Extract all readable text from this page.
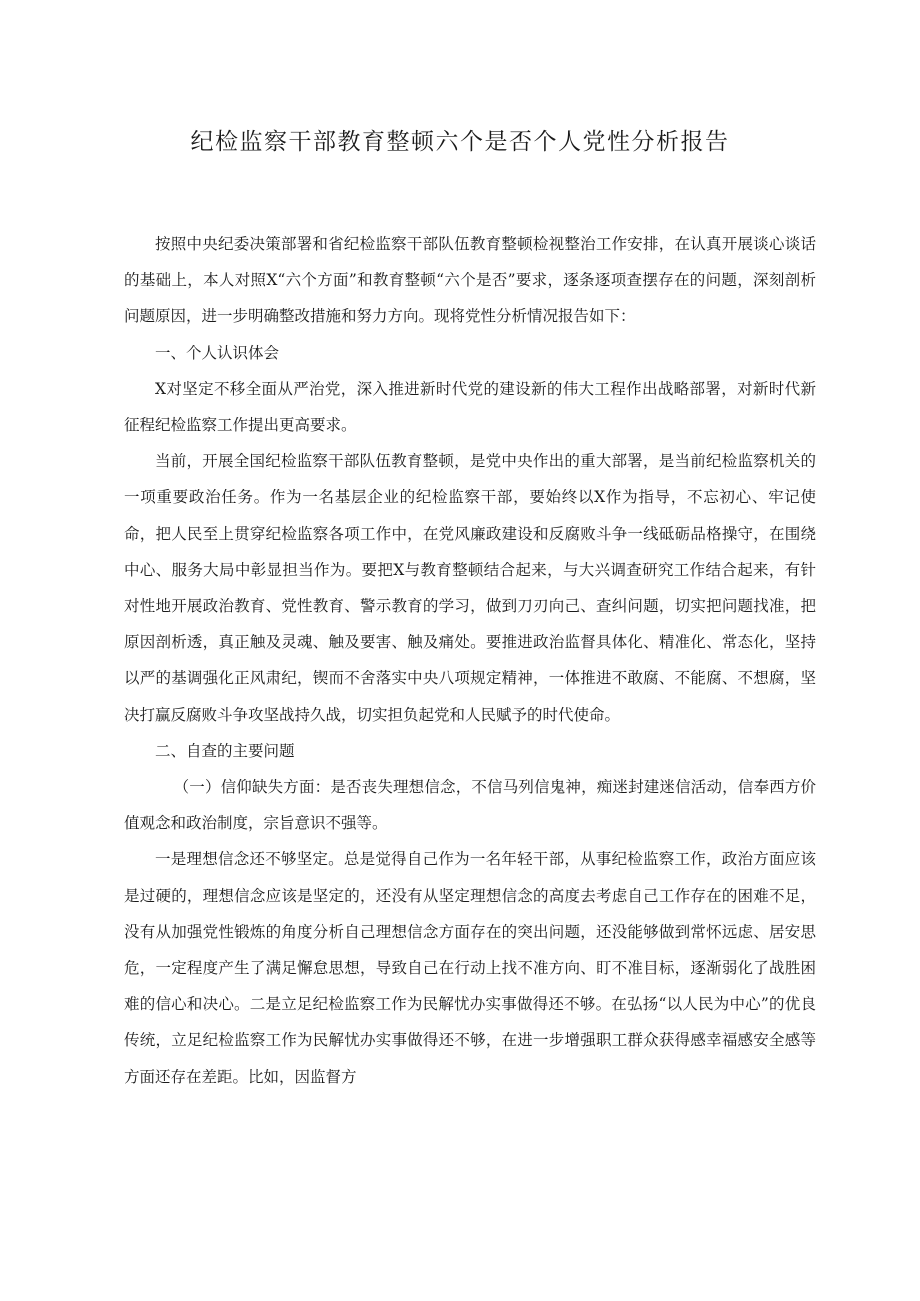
纪检监察干部教育整顿六个是否个人党性分析报告

按照中央纪委决策部署和省纪检监察干部队伍教育整顿检视整治工作安排，在认真开展谈心谈话的基础上，本人对照X“六个方面”和教育整顿“六个是否”要求，逐条逐项查摆存在的问题，深刻剖析问题原因，进一步明确整改措施和努力方向。现将党性分析情况报告如下：

一、个人认识体会

X对坚定不移全面从严治党，深入推进新时代党的建设新的伟大工程作出战略部署，对新时代新征程纪检监察工作提出更高要求。

当前，开展全国纪检监察干部队伍教育整顿，是党中央作出的重大部署，是当前纪检监察机关的一项重要政治任务。作为一名基层企业的纪检监察干部，要始终以X作为指导，不忘初心、牢记使命，把人民至上贯穿纪检监察各项工作中，在党风廉政建设和反腐败斗争一线砥砺品格操守，在围绕中心、服务大局中彰显担当作为。要把X与教育整顿结合起来，与大兴调查研究工作结合起来，有针对性地开展政治教育、党性教育、警示教育的学习，做到刀刃向己、查纠问题，切实把问题找准，把原因剖析透，真正触及灵魂、触及要害、触及痛处。要推进政治监督具体化、精准化、常态化，坚持以严的基调强化正风肃纪，锲而不舍落实中央八项规定精神，一体推进不敢腐、不能腐、不想腐，坚决打赢反腐败斗争攻坚战持久战，切实担负起党和人民赋予的时代使命。

二、自查的主要问题

（一）信仰缺失方面：是否丧失理想信念，不信马列信鬼神，痴迷封建迷信活动，信奉西方价值观念和政治制度，宗旨意识不强等。

一是理想信念还不够坚定。总是觉得自己作为一名年轻干部，从事纪检监察工作，政治方面应该是过硬的，理想信念应该是坚定的，还没有从坚定理想信念的高度去考虑自己工作存在的困难不足，没有从加强党性锻炼的角度分析自己理想信念方面存在的突出问题，还没能够做到常怀远虑、居安思危，一定程度产生了满足懈怠思想，导致自己在行动上找不准方向、盯不准目标，逐渐弱化了战胜困难的信心和决心。二是立足纪检监察工作为民解忧办实事做得还不够。在弘扬“以人民为中心”的优良传统，立足纪检监察工作为民解忧办实事做得还不够，在进一步增强职工群众获得感幸福感安全感等方面还存在差距。比如，因监督方
